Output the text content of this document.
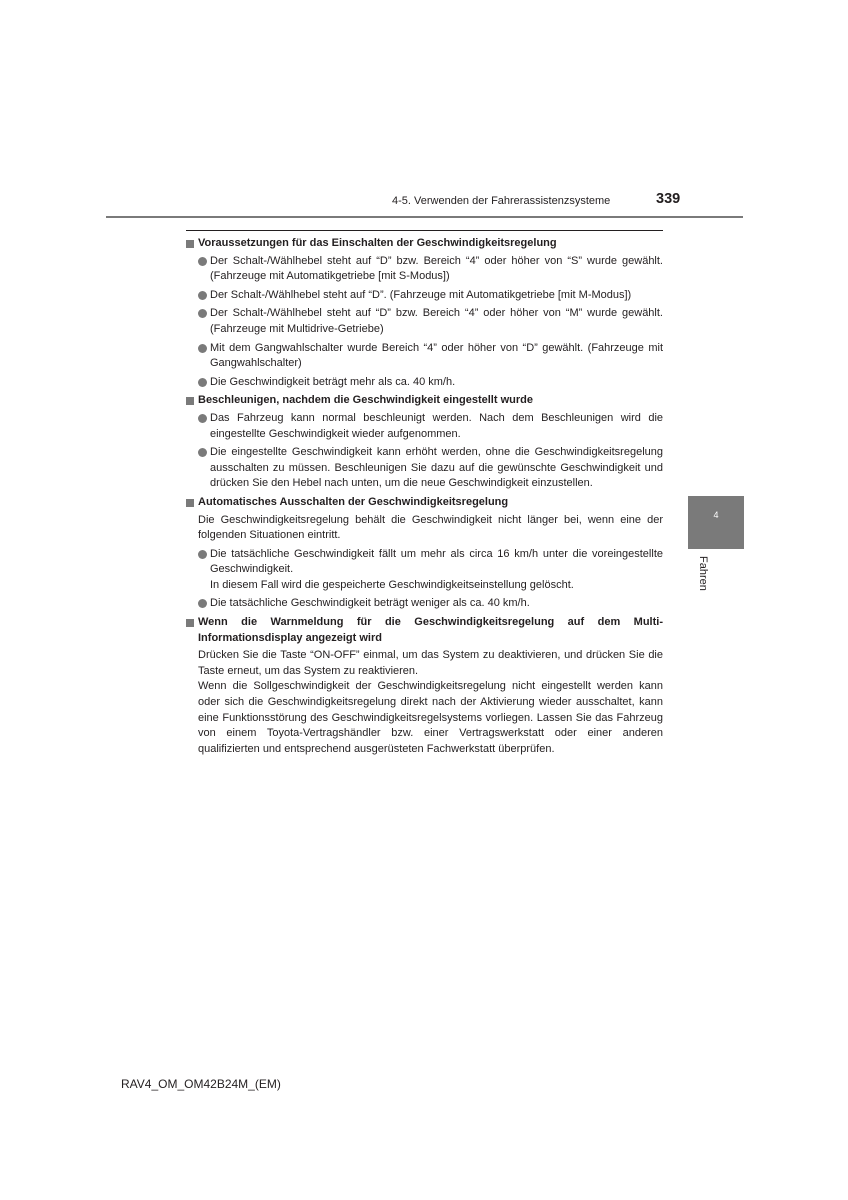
4-5. Verwenden der Fahrerassistenzsysteme	339

Voraussetzungen für das Einschalten der Geschwindigkeitsregelung

Der Schalt-/Wählhebel steht auf “D” bzw. Bereich “4” oder höher von “S” wurde gewählt. (Fahrzeuge mit Automatikgetriebe [mit S-Modus])

Der Schalt-/Wählhebel steht auf “D”. (Fahrzeuge mit Automatikgetriebe [mit M-Modus])

Der Schalt-/Wählhebel steht auf “D” bzw. Bereich “4” oder höher von “M” wurde gewählt. (Fahrzeuge mit Multidrive-Getriebe)

Mit dem Gangwahlschalter wurde Bereich “4” oder höher von “D” gewählt. (Fahrzeuge mit Gangwahlschalter)

Die Geschwindigkeit beträgt mehr als ca. 40 km/h.

Beschleunigen, nachdem die Geschwindigkeit eingestellt wurde

Das Fahrzeug kann normal beschleunigt werden. Nach dem Beschleunigen wird die eingestellte Geschwindigkeit wieder aufgenommen.

Die eingestellte Geschwindigkeit kann erhöht werden, ohne die Geschwindigkeitsregelung ausschalten zu müssen. Beschleunigen Sie dazu auf die gewünschte Geschwindigkeit und drücken Sie den Hebel nach unten, um die neue Geschwindigkeit einzustellen.

Automatisches Ausschalten der Geschwindigkeitsregelung

Die Geschwindigkeitsregelung behält die Geschwindigkeit nicht länger bei, wenn eine der folgenden Situationen eintritt.

Die tatsächliche Geschwindigkeit fällt um mehr als circa 16 km/h unter die voreingestellte Geschwindigkeit.
In diesem Fall wird die gespeicherte Geschwindigkeitseinstellung gelöscht.

Die tatsächliche Geschwindigkeit beträgt weniger als ca. 40 km/h.

Wenn die Warnmeldung für die Geschwindigkeitsregelung auf dem Multi-Informationsdisplay angezeigt wird

Drücken Sie die Taste “ON-OFF” einmal, um das System zu deaktivieren, und drücken Sie die Taste erneut, um das System zu reaktivieren.

Wenn die Sollgeschwindigkeit der Geschwindigkeitsregelung nicht eingestellt werden kann oder sich die Geschwindigkeitsregelung direkt nach der Aktivierung wieder ausschaltet, kann eine Funktionsstörung des Geschwindigkeitsregelsystems vorliegen. Lassen Sie das Fahrzeug von einem Toyota-Vertragshändler bzw. einer Vertragswerkstatt oder einer anderen qualifizierten und entsprechend ausgerüsteten Fachwerkstatt überprüfen.

4
Fahren
RAV4_OM_OM42B24M_(EM)
